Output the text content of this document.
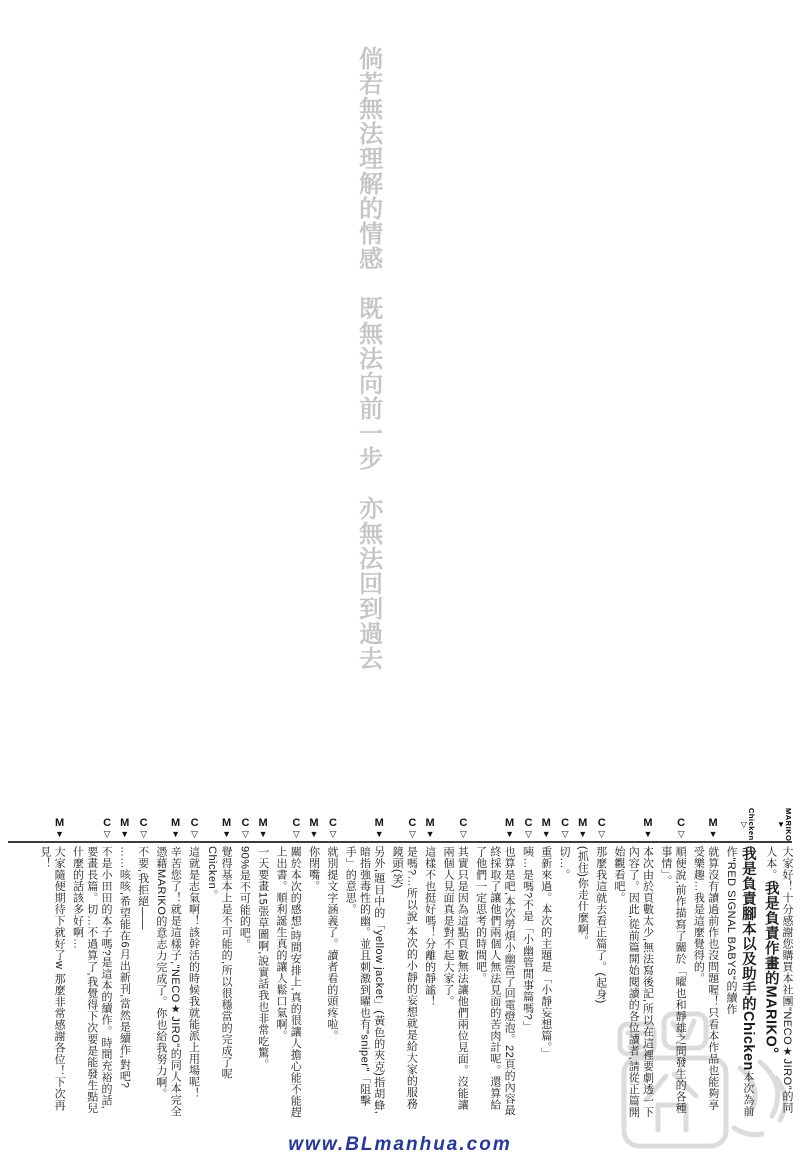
倘若無法理解的情感　既無法向前一步　亦無法回到過去
MARIKO
▼
大家好！十分感謝您購買本社團"NECO★JIRO"的同人本。我是負責作畫的MARIKO。
Chicken
▽
我是負責腳本以及助手的Chicken本次為前作"RED SIGNAL BABYS"的續作
M
▼
就算沒有讀過前作也沒問題喔！只看本作品也能夠享受樂趣…我是這麼覺得的。
C
▽
順便說,前作描寫了關於「曜也和靜雄之間發生的各種事情」。
M
▼
本次由於頁數太少,無法寫後記,所以在這裡要劇透一下內容了。因此,從前篇開始閱讀的各位讀者,請從正篇開始觀看吧。
C
▽
那麼我這就去看正篇了。(起身)
M
▼
(抓住)你走什麼啊。
C
▽
切…。
M
▼
重新來過。本次的主題是「小靜妄想篇。」
C
▽
咦…是嗎?不是「小幽管閒事篇嗎?」
M
▼
也算是吧,本次勞煩小幽當了回電燈泡。22頁的內容最終採取了讓他們兩個人無法見面的苦肉計呢。還算給了他們一定思考的時間吧。
C
▽
其實只是因為這點頁數無法讓他們兩位見面。沒能讓兩個人見面真是對不起大家了。
M
▼
這樣不也挺好嗎！分離的靜謐！
C
▽
是嗎?…所以說,本次的小靜的妄想就是給大家的服務鏡頭(笑)
M
▼
另外,題目中的「yellow jacket」(黃色的夾克)指胡蜂,暗指強毒性的幽。並且刺激到曜也有"sniper"「阻擊手」的意思。
C
▽
就別提文字涵義了。讀者看的頭疼啦。
M
▼
你閉嘴。
C
▽
關於本次的感想,時間安排上,真的很讓人擔心能不能趕上出書。順利誕生真的讓人鬆口氣啊。
M
▼
一天要畫15張草圖啊,說實話我也非常吃驚。
C
▽
90%是不可能的吧。
M
▼
覺得基本上是不可能的,所以很穩當的完成了呢Chicken。
C
▽
這就是志氣啊！該幹活的時候我就能派上用場呢！
M
▼
辛苦您了！就是這樣子,"NECO★JIRO"的同人本完全憑藉MARIKO的意志力完成了。你也給我努力啊。
C
▽
不要,我拒絕——
M
▼
……咳咳,希望能在6月出新刊,當然是續作,對吧?
C
▽
不是小田田的本子嗎?是這本的續作。時間充裕的話,要畫長篇。切…不過算了,我覺得下次要是能發生點兒什麼的話該多好啊…
M
▼
大家隨便期待下就好了w 那麼非常感謝各位！下次再見！
www.BLmanhua.com
